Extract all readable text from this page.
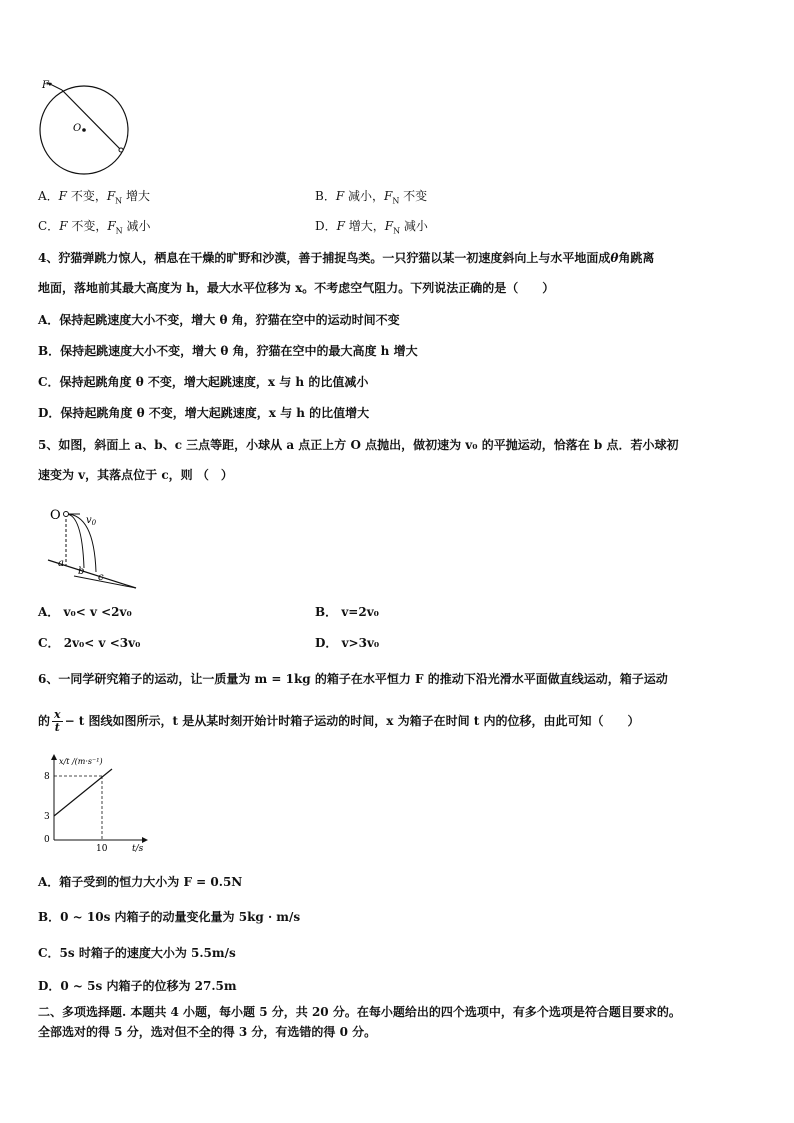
F
O
A．F 不变，$F_N$ 增大	B．F 减小，$F_N$ 不变
C．F 不变，$F_N$ 减小	D．F 增大，$F_N$ 减小
4、狞猫弹跳力惊人，栖息在干燥的旷野和沙漠，善于捕捉鸟类。一只狞猫以某一初速度斜向上与水平地面成θ角跳离
地面，落地前其最大高度为 h，最大水平位移为 x。不考虑空气阻力。下列说法正确的是（　　）
A．保持起跳速度大小不变，增大 θ 角，狞猫在空中的运动时间不变
B．保持起跳速度大小不变，增大 θ 角，狞猫在空中的最大高度 h 增大
C．保持起跳角度 θ 不变，增大起跳速度，x 与 h 的比值减小
D．保持起跳角度 θ 不变，增大起跳速度，x 与 h 的比值增大
5、如图，斜面上 a、b、c 三点等距，小球从 a 点正上方 O 点抛出，做初速为 v₀ 的平抛运动，恰落在 b 点．若小球初
速变为 v，其落点位于 c，则 （　）
O	$v_0$
a
b
c
A． v₀< v <2v₀	B． v=2v₀
C． 2v₀< v <3v₀	D． v>3v₀
6、一同学研究箱子的运动，让一质量为 m = 1kg 的箱子在水平恒力 F 的推动下沿光滑水平面做直线运动，箱子运动
的 $\frac{x}{t} - t$ 图线如图所示，t 是从某时刻开始计时箱子运动的时间，x 为箱子在时间 t 内的位移，由此可知（　　）
x/t /(m·s⁻¹)
8
3
0
10	t/s
A．箱子受到的恒力大小为 F = 0.5N
B．0 ~ 10s 内箱子的动量变化量为 5kg · m/s
C．5s 时箱子的速度大小为 5.5m/s
D．0 ~ 5s 内箱子的位移为 27.5m
二、多项选择题. 本题共 4 小题，每小题 5 分，共 20 分。在每小题给出的四个选项中，有多个选项是符合题目要求的。
全部选对的得 5 分，选对但不全的得 3 分，有选错的得 0 分。
